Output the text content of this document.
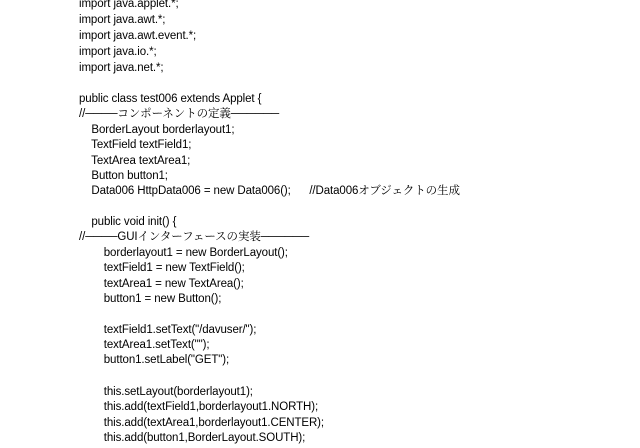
import java.applet.*;
import java.awt.*;
import java.awt.event.*;
import java.io.*;
import java.net.*;
public class test006 extends Applet {
//────コンポーネントの定義──────
BorderLayout borderlayout1;
TextField textField1;
TextArea textArea1;
Button button1;
Data006 HttpData006 = new Data006();      //Data006オブジェクトの生成
public void init() {
//────GUIインターフェースの実装──────
borderlayout1 = new BorderLayout();
textField1 = new TextField();
textArea1 = new TextArea();
button1 = new Button();
textField1.setText("/davuser/");
textArea1.setText("");
button1.setLabel("GET");
this.setLayout(borderlayout1);
this.add(textField1,borderlayout1.NORTH);
this.add(textArea1,borderlayout1.CENTER);
this.add(button1,BorderLayout.SOUTH);
